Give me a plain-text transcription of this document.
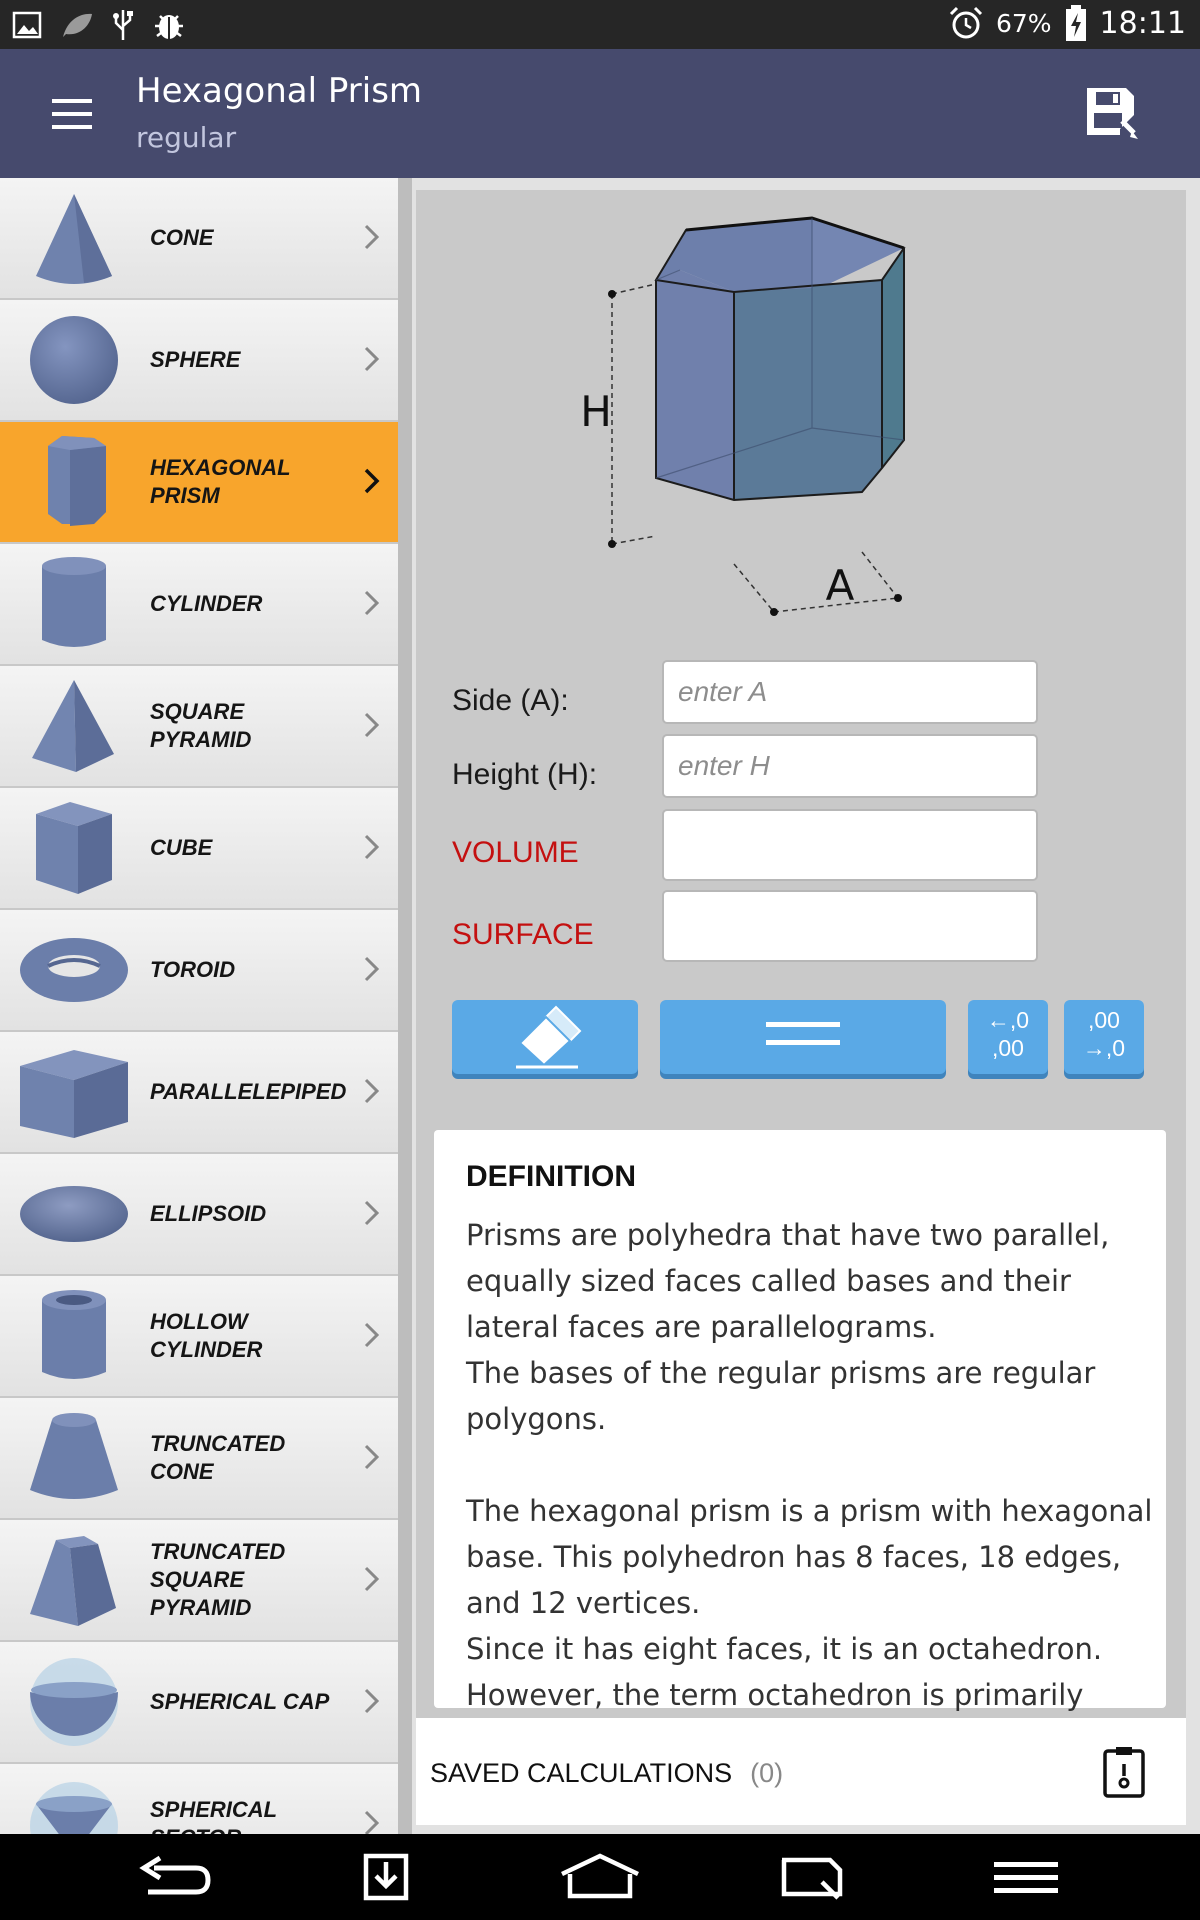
67% 18:11
Hexagonal Prism
regular
CONE
SPHERE
HEXAGONAL PRISM
CYLINDER
SQUARE PYRAMID
CUBE
TOROID
PARALLELEPIPED
ELLIPSOID
HOLLOW CYLINDER
TRUNCATED CONE
TRUNCATED SQUARE PYRAMID
SPHERICAL CAP
SPHERICAL
H
A
Side (A):	enter A
Height (H):	enter H
VOLUME
SURFACE
←,0
,00
,00
→,0
DEFINITION

Prisms are polyhedra that have two parallel, equally sized faces called bases and their lateral faces are parallelograms.

The bases of the regular prisms are regular polygons.

The hexagonal prism is a prism with hexagonal base. This polyhedron has 8 faces, 18 edges, and 12 vertices.

Since it has eight faces, it is an octahedron.

However, the term octahedron is primarily

SAVED CALCULATIONS (0)
